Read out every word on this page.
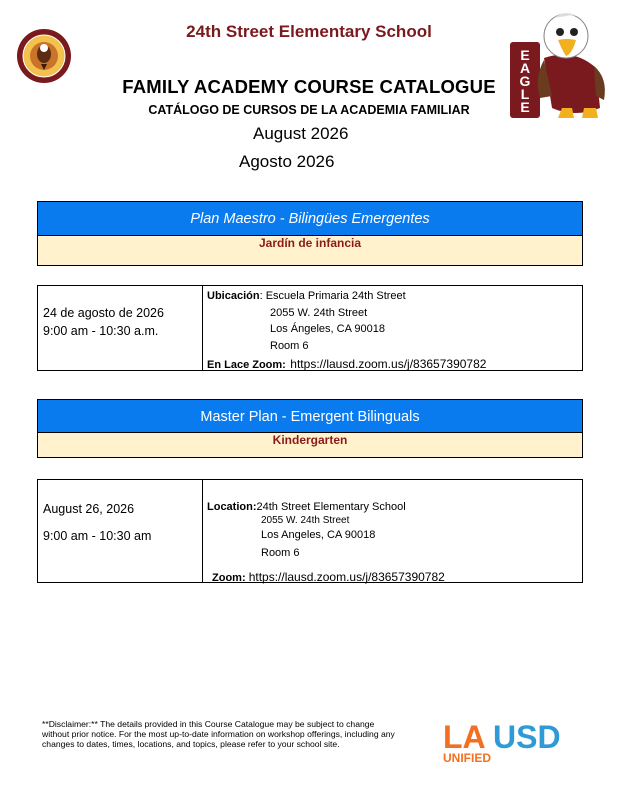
24th Street Elementary School
E
A
G
L
E
FAMILY ACADEMY COURSE CATALOGUE
CATÁLOGO DE CURSOS DE LA ACADEMIA FAMILIAR
August 2026
Agosto 2026
Plan Maestro - Bilingües Emergentes
Jardín de infancia
24 de agosto de 2026
9:00 am - 10:30 a.m.
Ubicación: Escuela Primaria 24th Street
2055 W. 24th Street
Los Ángeles, CA 90018
Room 6
En Lace Zoom: https://lausd.zoom.us/j/83657390782
Master Plan - Emergent Bilinguals
Kindergarten
August 26, 2026
9:00 am - 10:30 am
Location:24th Street Elementary School
2055 W. 24th Street
Los Angeles, CA 90018
Room 6
Zoom: https://lausd.zoom.us/j/83657390782
**Disclaimer:** The details provided in this Course Catalogue may be subject to change without prior notice. For the most up-to-date information on workshop offerings, including any changes to dates, times, locations, and topics, please refer to your school site.	LA USD
UNIFIED
